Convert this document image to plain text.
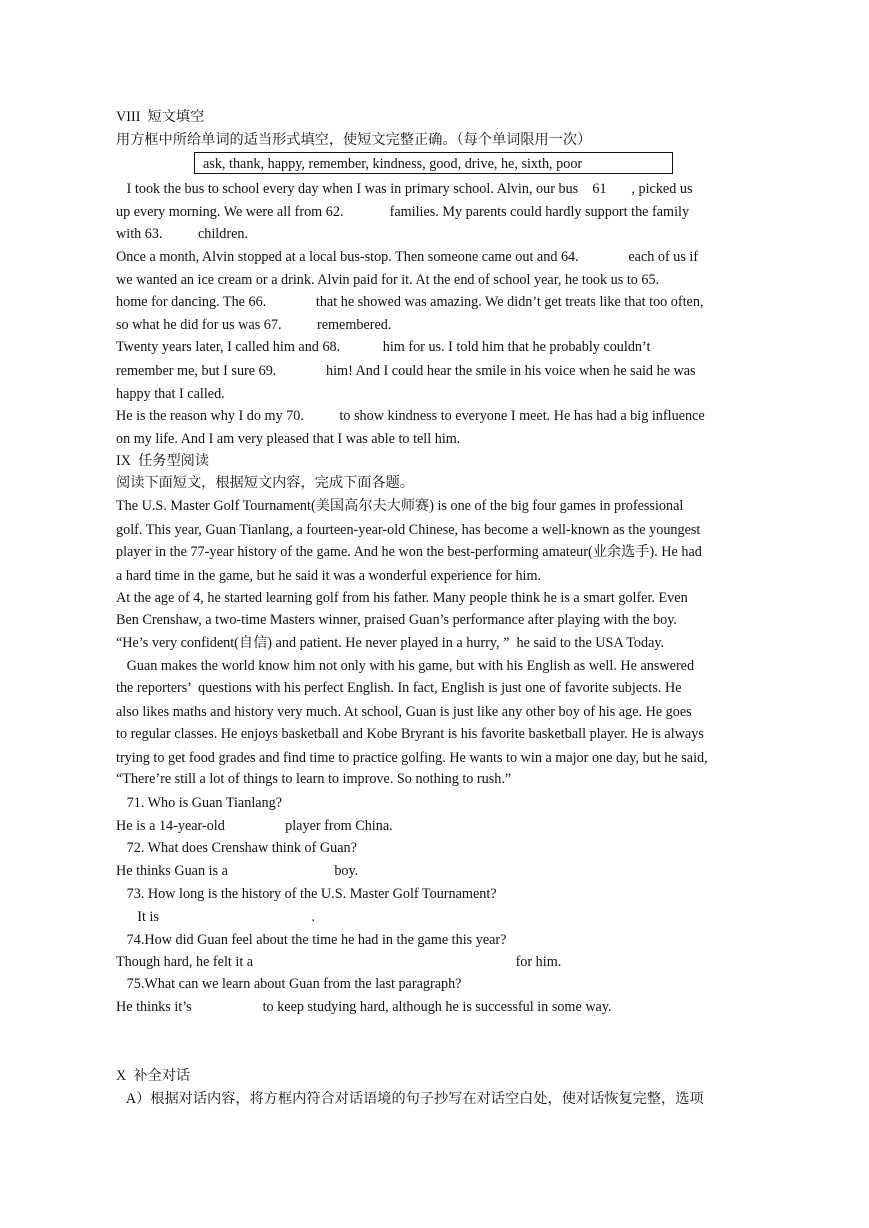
VIII  短文填空
用方框中所给单词的适当形式填空，使短文完整正确。（每个单词限用一次）
ask, thank, happy, remember, kindness, good, drive, he, sixth, poor
I took the bus to school every day when I was in primary school. Alvin, our bus    61       , picked us
up every morning. We were all from 62.             families. My parents could hardly support the family
with 63.          children.
Once a month, Alvin stopped at a local bus-stop. Then someone came out and 64.              each of us if
we wanted an ice cream or a drink. Alvin paid for it. At the end of school year, he took us to 65.
home for dancing. The 66.              that he showed was amazing. We didn’t get treats like that too often,
so what he did for us was 67.          remembered.
Twenty years later, I called him and 68.            him for us. I told him that he probably couldn’t
remember me, but I sure 69.              him! And I could hear the smile in his voice when he said he was
happy that I called.
He is the reason why I do my 70.          to show kindness to everyone I meet. He has had a big influence
on my life. And I am very pleased that I was able to tell him.
IX  任务型阅读
阅读下面短文，根据短文内容，完成下面各题。
The U.S. Master Golf Tournament(美国高尔夫大师赛) is one of the big four games in professional
golf. This year, Guan Tianlang, a fourteen-year-old Chinese, has become a well-known as the youngest
player in the 77-year history of the game. And he won the best-performing amateur(业余选手). He had
a hard time in the game, but he said it was a wonderful experience for him.
At the age of 4, he started learning golf from his father. Many people think he is a smart golfer. Even
Ben Crenshaw, a two-time Masters winner, praised Guan’s performance after playing with the boy.
“He’s very confident(自信) and patient. He never played in a hurry, ”  he said to the USA Today.
Guan makes the world know him not only with his game, but with his English as well. He answered
the reporters’  questions with his perfect English. In fact, English is just one of favorite subjects. He
also likes maths and history very much. At school, Guan is just like any other boy of his age. He goes
to regular classes. He enjoys basketball and Kobe Bryrant is his favorite basketball player. He is always
trying to get food grades and find time to practice golfing. He wants to win a major one day, but he said,
“There’re still a lot of things to learn to improve. So nothing to rush.”
71. Who is Guan Tianlang?
He is a 14-year-old                 player from China.
72. What does Crenshaw think of Guan?
He thinks Guan is a                              boy.
73. How long is the history of the U.S. Master Golf Tournament?
It is                                           .
74.How did Guan feel about the time he had in the game this year?
Though hard, he felt it a                                                                          for him.
75.What can we learn about Guan from the last paragraph?
He thinks it’s                    to keep studying hard, although he is successful in some way.
X  补全对话
A）根据对话内容，将方框内符合对话语境的句子抄写在对话空白处，使对话恢复完整，选项
